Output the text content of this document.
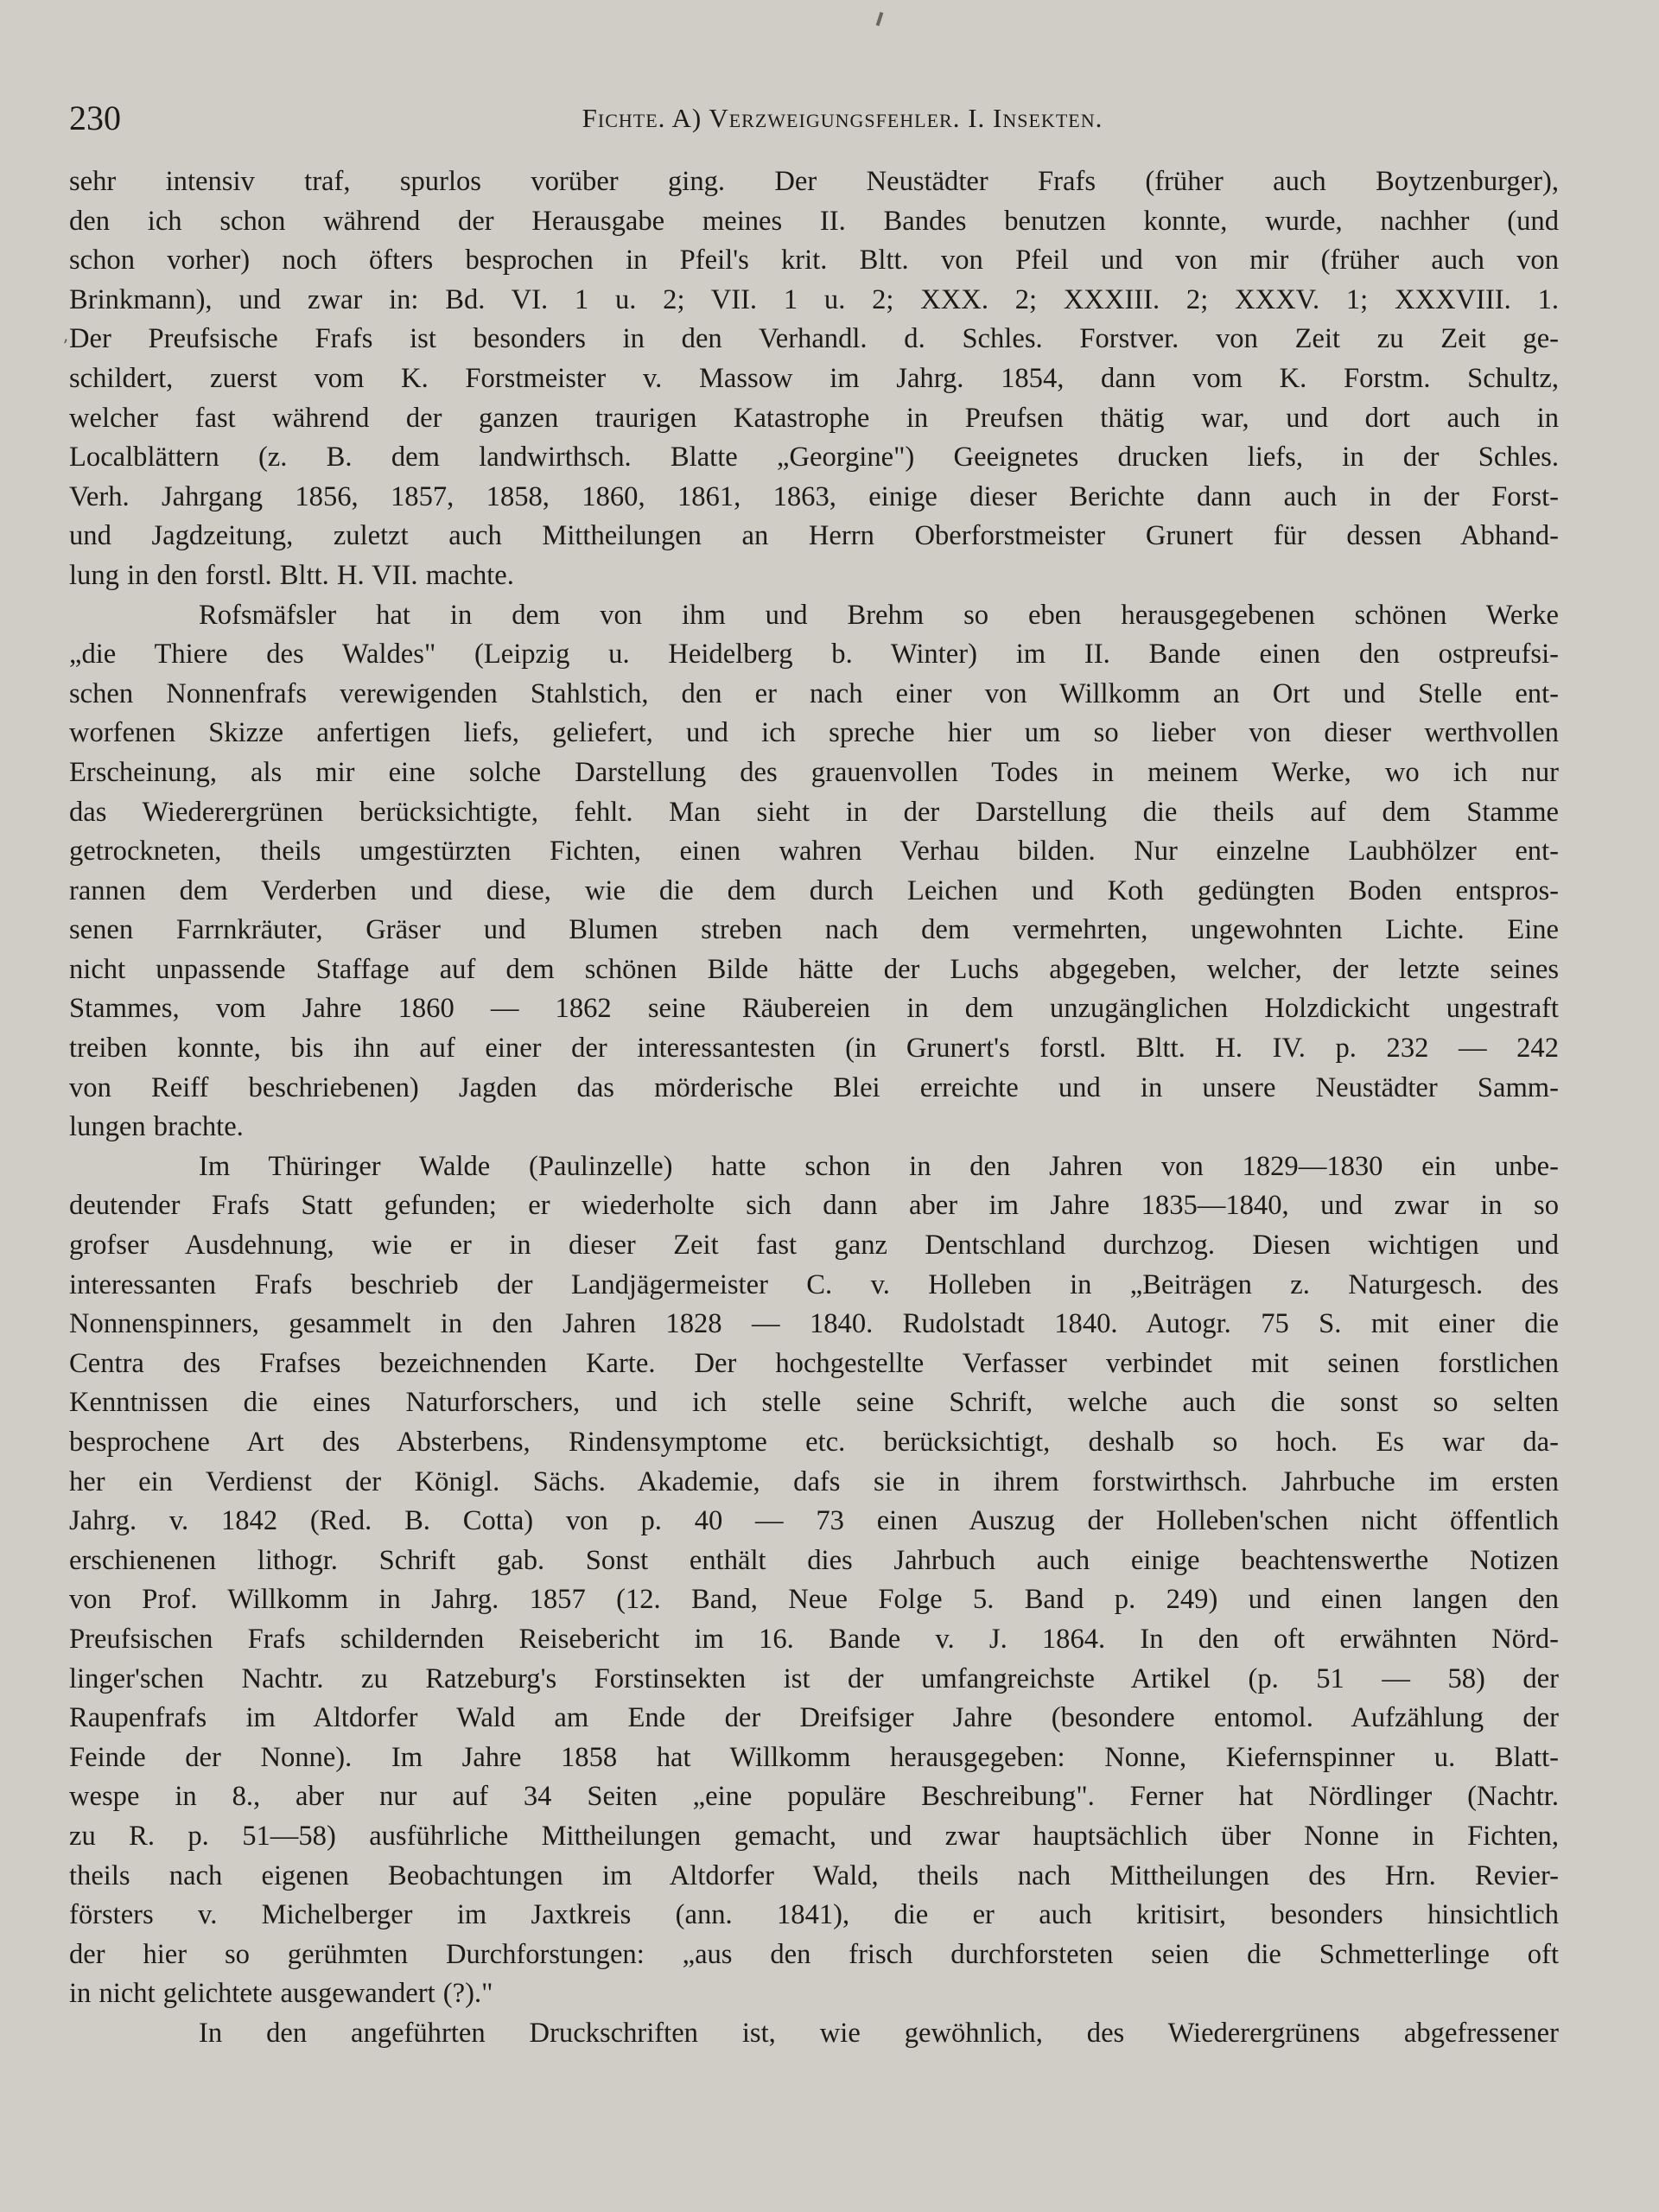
230	Fichte. A) Verzweigungsfehler. I. Insekten.
ʼ
sehr intensiv traf, spurlos vorüber ging. Der Neustädter Frafs (früher auch Boytzenburger),
den ich schon während der Herausgabe meines II. Bandes benutzen konnte, wurde, nachher (und
schon vorher) noch öfters besprochen in Pfeil's krit. Bltt. von Pfeil und von mir (früher auch von
Brinkmann), und zwar in: Bd. VI. 1 u. 2; VII. 1 u. 2; XXX. 2; XXXIII. 2; XXXV. 1; XXXVIII. 1.
Der Preufsische Frafs ist besonders in den Verhandl. d. Schles. Forstver. von Zeit zu Zeit ge-
schildert, zuerst vom K. Forstmeister v. Massow im Jahrg. 1854, dann vom K. Forstm. Schultz,
welcher fast während der ganzen traurigen Katastrophe in Preufsen thätig war, und dort auch in
Localblättern (z. B. dem landwirthsch. Blatte „Georgine") Geeignetes drucken liefs, in der Schles.
Verh. Jahrgang 1856, 1857, 1858, 1860, 1861, 1863, einige dieser Berichte dann auch in der Forst-
und Jagdzeitung, zuletzt auch Mittheilungen an Herrn Oberforstmeister Grunert für dessen Abhand-
lung in den forstl. Bltt. H. VII. machte.
Rofsmäfsler hat in dem von ihm und Brehm so eben herausgegebenen schönen Werke
„die Thiere des Waldes" (Leipzig u. Heidelberg b. Winter) im II. Bande einen den ostpreufsi-
schen Nonnenfrafs verewigenden Stahlstich, den er nach einer von Willkomm an Ort und Stelle ent-
worfenen Skizze anfertigen liefs, geliefert, und ich spreche hier um so lieber von dieser werthvollen
Erscheinung, als mir eine solche Darstellung des grauenvollen Todes in meinem Werke, wo ich nur
das Wiederergrünen berücksichtigte, fehlt. Man sieht in der Darstellung die theils auf dem Stamme
getrockneten, theils umgestürzten Fichten, einen wahren Verhau bilden. Nur einzelne Laubhölzer ent-
rannen dem Verderben und diese, wie die dem durch Leichen und Koth gedüngten Boden entspros-
senen Farrnkräuter, Gräser und Blumen streben nach dem vermehrten, ungewohnten Lichte. Eine
nicht unpassende Staffage auf dem schönen Bilde hätte der Luchs abgegeben, welcher, der letzte seines
Stammes, vom Jahre 1860 — 1862 seine Räubereien in dem unzugänglichen Holzdickicht ungestraft
treiben konnte, bis ihn auf einer der interessantesten (in Grunert's forstl. Bltt. H. IV. p. 232 — 242
von Reiff beschriebenen) Jagden das mörderische Blei erreichte und in unsere Neustädter Samm-
lungen brachte.
Im Thüringer Walde (Paulinzelle) hatte schon in den Jahren von 1829—1830 ein unbe-
deutender Frafs Statt gefunden; er wiederholte sich dann aber im Jahre 1835—1840, und zwar in so
grofser Ausdehnung, wie er in dieser Zeit fast ganz Dentschland durchzog. Diesen wichtigen und
interessanten Frafs beschrieb der Landjägermeister C. v. Holleben in „Beiträgen z. Naturgesch. des
Nonnenspinners, gesammelt in den Jahren 1828 — 1840. Rudolstadt 1840. Autogr. 75 S. mit einer die
Centra des Frafses bezeichnenden Karte. Der hochgestellte Verfasser verbindet mit seinen forstlichen
Kenntnissen die eines Naturforschers, und ich stelle seine Schrift, welche auch die sonst so selten
besprochene Art des Absterbens, Rindensymptome etc. berücksichtigt, deshalb so hoch. Es war da-
her ein Verdienst der Königl. Sächs. Akademie, dafs sie in ihrem forstwirthsch. Jahrbuche im ersten
Jahrg. v. 1842 (Red. B. Cotta) von p. 40 — 73 einen Auszug der Holleben'schen nicht öffentlich
erschienenen lithogr. Schrift gab. Sonst enthält dies Jahrbuch auch einige beachtenswerthe Notizen
von Prof. Willkomm in Jahrg. 1857 (12. Band, Neue Folge 5. Band p. 249) und einen langen den
Preufsischen Frafs schildernden Reisebericht im 16. Bande v. J. 1864. In den oft erwähnten Nörd-
linger'schen Nachtr. zu Ratzeburg's Forstinsekten ist der umfangreichste Artikel (p. 51 — 58) der
Raupenfrafs im Altdorfer Wald am Ende der Dreifsiger Jahre (besondere entomol. Aufzählung der
Feinde der Nonne). Im Jahre 1858 hat Willkomm herausgegeben: Nonne, Kiefernspinner u. Blatt-
wespe in 8., aber nur auf 34 Seiten „eine populäre Beschreibung". Ferner hat Nördlinger (Nachtr.
zu R. p. 51—58) ausführliche Mittheilungen gemacht, und zwar hauptsächlich über Nonne in Fichten,
theils nach eigenen Beobachtungen im Altdorfer Wald, theils nach Mittheilungen des Hrn. Revier-
försters v. Michelberger im Jaxtkreis (ann. 1841), die er auch kritisirt, besonders hinsichtlich
der hier so gerühmten Durchforstungen: „aus den frisch durchforsteten seien die Schmetterlinge oft
in nicht gelichtete ausgewandert (?)."
In den angeführten Druckschriften ist, wie gewöhnlich, des Wiederergrünens abgefressener
